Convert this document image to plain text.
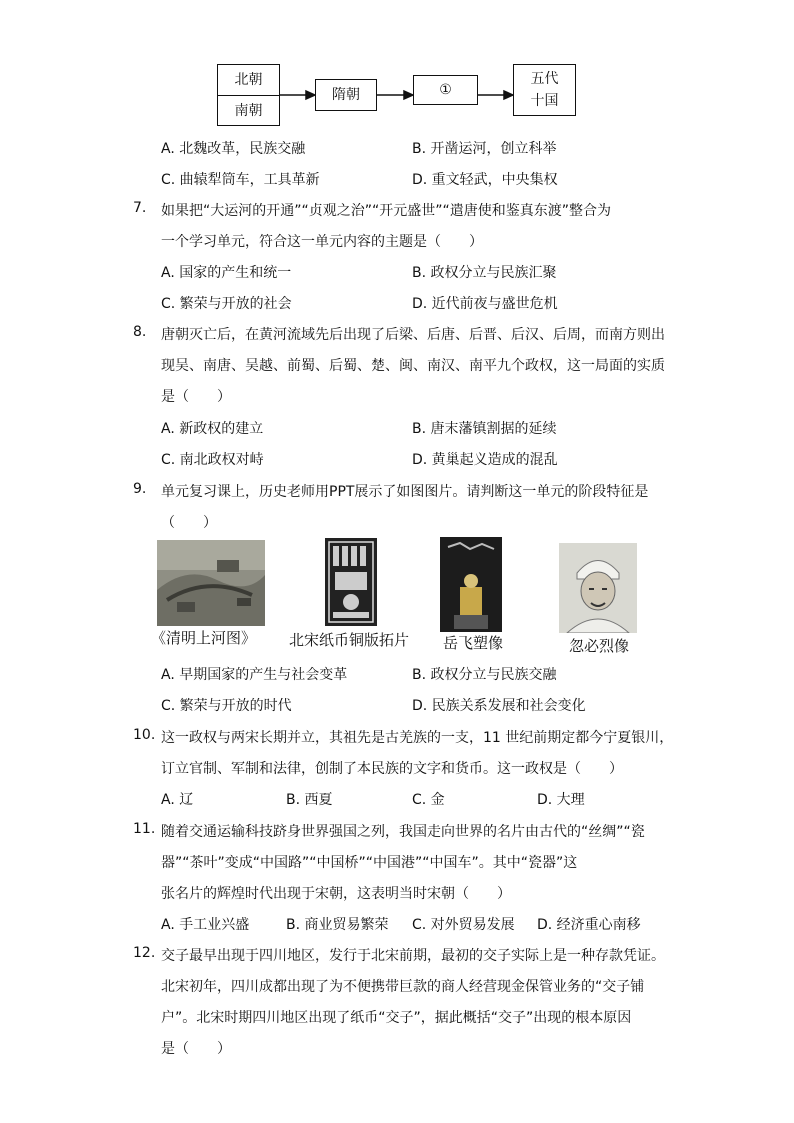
北朝
南朝
隋朝	①
五代
十国
A. 北魏改革，民族交融	B. 开凿运河，创立科举
C. 曲辕犁筒车，工具革新	D. 重文轻武，中央集权
7. 如果把“大运河的开通”“贞观之治”“开元盛世”“遣唐使和鉴真东渡”整合为
一个学习单元，符合这一单元内容的主题是（　　）
A. 国家的产生和统一	B. 政权分立与民族汇聚
C. 繁荣与开放的社会	D. 近代前夜与盛世危机
8. 唐朝灭亡后，在黄河流域先后出现了后梁、后唐、后晋、后汉、后周，而南方则出
现吴、南唐、吴越、前蜀、后蜀、楚、闽、南汉、南平九个政权，这一局面的实质
是（　　）
A. 新政权的建立	B. 唐末藩镇割据的延续
C. 南北政权对峙	D. 黄巢起义造成的混乱
9. 单元复习课上，历史老师用PPT展示了如图图片。请判断这一单元的阶段特征是
（　　）
《清明上河图》 北宋纸币铜版拓片 岳飞塑像	忽必烈像
A. 早期国家的产生与社会变革	B. 政权分立与民族交融
C. 繁荣与开放的时代	D. 民族关系发展和社会变化
10. 这一政权与两宋长期并立，其祖先是古羌族的一支，11 世纪前期定都今宁夏银川，
订立官制、军制和法律，创制了本民族的文字和货币。这一政权是（　　）
A. 辽	B. 西夏	C. 金	D. 大理
11. 随着交通运输科技跻身世界强国之列，我国走向世界的名片由古代的“丝绸”“瓷
器”“茶叶”变成“中国路”“中国桥”“中国港”“中国车”。其中“瓷器”这
张名片的辉煌时代出现于宋朝，这表明当时宋朝（　　）
A. 手工业兴盛	B. 商业贸易繁荣 C. 对外贸易发展 D. 经济重心南移
12. 交子最早出现于四川地区，发行于北宋前期，最初的交子实际上是一种存款凭证。
北宋初年，四川成都出现了为不便携带巨款的商人经营现金保管业务的“交子铺
户”。北宋时期四川地区出现了纸币“交子”，据此概括“交子”出现的根本原因
是（　　）
